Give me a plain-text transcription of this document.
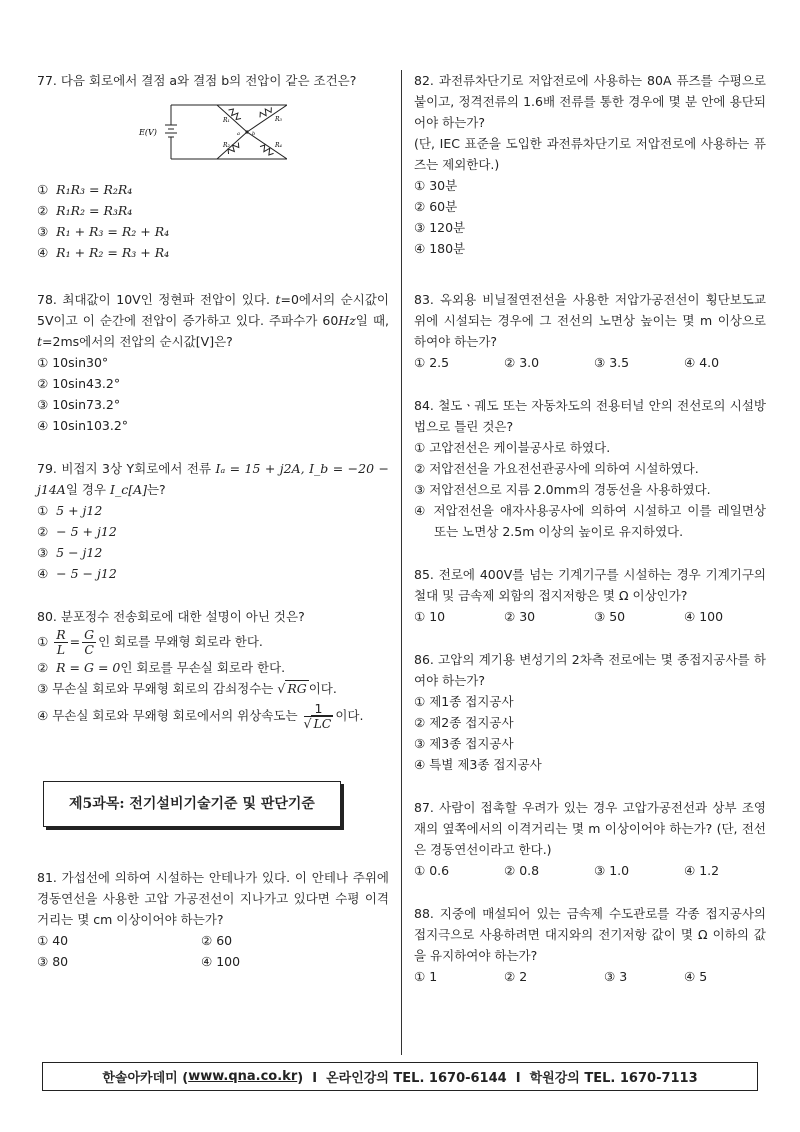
77. 다음 회로에서 결점 a와 결점 b의 전압이 같은 조건은?
E(V)
R₁	R₃
R₂	R₄
a b
① R₁R₃ = R₂R₄
② R₁R₂ = R₃R₄
③ R₁ + R₃ = R₂ + R₄
④ R₁ + R₂ = R₃ + R₄
78. 최대값이 10V인 정현파 전압이 있다. t=0에서의 순시값이 5V이고 이 순간에 전압이 증가하고 있다. 주파수가 60Hz일 때, t=2ms에서의 전압의 순시값[V]은?
① 10sin30°
② 10sin43.2°
③ 10sin73.2°
④ 10sin103.2°
79. 비접지 3상 Y회로에서 전류 Iₐ = 15 + j2A, I_b = −20 − j14A일 경우 I_c[A]는?
① 5 + j12
② − 5 + j12
③ 5 − j12
④ − 5 − j12
80. 분포정수 전송회로에 대한 설명이 아닌 것은?
① $\frac{R}{L} = \frac{G}{C}$ 인 회로를 무왜형 회로라 한다.
② R = G = 0인 회로를 무손실 회로라 한다.
③ 무손실 회로와 무왜형 회로의 감쇠정수는 √ RG 이다.
④ 무손실 회로와 무왜형 회로에서의 위상속도는 $\frac{1}{√ LC}$ 이다.
제5과목: 전기설비기술기준 및 판단기준
81. 가섭선에 의하여 시설하는 안테나가 있다. 이 안테나 주위에 경동연선을 사용한 고압 가공전선이 지나가고 있다면 수평 이격거리는 몇 cm 이상이어야 하는가?
① 40	② 60
③ 80	④ 100
82. 과전류차단기로 저압전로에 사용하는 80A 퓨즈를 수평으로 붙이고, 정격전류의 1.6배 전류를 통한 경우에 몇 분 안에 용단되어야 하는가?
(단, IEC 표준을 도입한 과전류차단기로 저압전로에 사용하는 퓨즈는 제외한다.)
① 30분
② 60분
③ 120분
④ 180분
83. 옥외용 비닐절연전선을 사용한 저압가공전선이 횡단보도교 위에 시설되는 경우에 그 전선의 노면상 높이는 몇 m 이상으로 하여야 하는가?
① 2.5	② 3.0	③ 3.5	④ 4.0
84. 철도ㆍ궤도 또는 자동차도의 전용터널 안의 전선로의 시설방법으로 틀린 것은?
① 고압전선은 케이블공사로 하였다.
② 저압전선을 가요전선관공사에 의하여 시설하였다.
③ 저압전선으로 지름 2.0mm의 경동선을 사용하였다.
④ 저압전선을 애자사용공사에 의하여 시설하고 이를 레일면상 또는 노면상 2.5m 이상의 높이로 유지하였다.
85. 전로에 400V를 넘는 기계기구를 시설하는 경우 기계기구의 철대 및 금속제 외함의 접지저항은 몇 Ω 이상인가?
① 10	② 30	③ 50	④ 100
86. 고압의 계기용 변성기의 2차측 전로에는 몇 종접지공사를 하여야 하는가?
① 제1종 접지공사
② 제2종 접지공사
③ 제3종 접지공사
④ 특별 제3종 접지공사
87. 사람이 접촉할 우려가 있는 경우 고압가공전선과 상부 조영재의 옆쪽에서의 이격거리는 몇 m 이상이어야 하는가? (단, 전선은 경동연선이라고 한다.)
① 0.6	② 0.8	③ 1.0	④ 1.2
88. 지중에 매설되어 있는 금속제 수도관로를 각종 접지공사의 접지극으로 사용하려면 대지와의 전기저항 값이 몇 Ω 이하의 값을 유지하여야 하는가?
① 1	② 2	③ 3	④ 5
한솔아카데미 ( www.qna.co.kr )  I  온라인강의 TEL. 1670-6144  I  학원강의 TEL. 1670-7113
